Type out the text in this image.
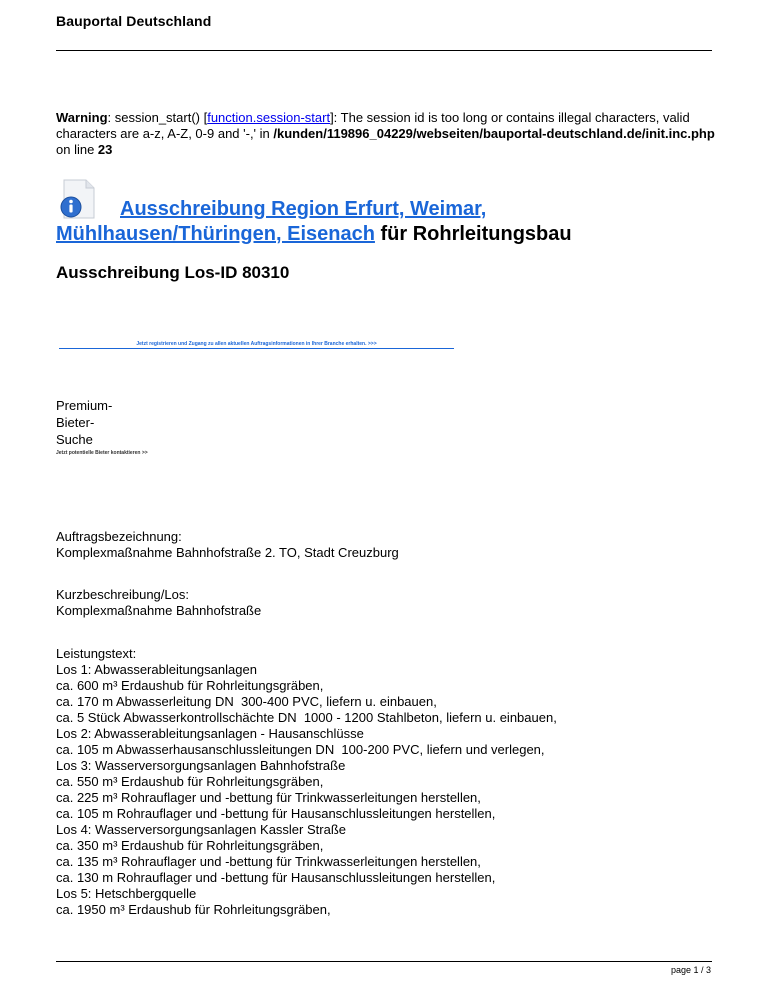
Bauportal Deutschland
Warning: session_start() [function.session-start]: The session id is too long or contains illegal characters, valid characters are a-z, A-Z, 0-9 and '-,' in /kunden/119896_04229/webseiten/bauportal-deutschland.de/init.inc.php on line 23
Ausschreibung Region Erfurt, Weimar, Mühlhausen/Thüringen, Eisenach für Rohrleitungsbau
Ausschreibung Los-ID 80310
Jetzt registrieren und Zugang zu allen aktuellen Auftragsinformationen in Ihrer Branche erhalten. >>>
Premium-
Bieter-
Suche
Jetzt potentielle Bieter kontaktieren >>
Auftragsbezeichnung:
Komplexmaßnahme Bahnhofstraße 2. TO, Stadt Creuzburg
Kurzbeschreibung/Los:
Komplexmaßnahme Bahnhofstraße
Leistungstext:
Los 1: Abwasserableitungsanlagen
ca. 600 m³ Erdaushub für Rohrleitungsgräben,
ca. 170 m Abwasserleitung DN  300-400 PVC, liefern u. einbauen,
ca. 5 Stück Abwasserkontrollschächte DN  1000 - 1200 Stahlbeton, liefern u. einbauen,
Los 2: Abwasserableitungsanlagen - Hausanschlüsse
ca. 105 m Abwasserhausanschlussleitungen DN  100-200 PVC, liefern und verlegen,
Los 3: Wasserversorgungsanlagen Bahnhofstraße
ca. 550 m³ Erdaushub für Rohrleitungsgräben,
ca. 225 m³ Rohrauflager und -bettung für Trinkwasserleitungen herstellen,
ca. 105 m Rohrauflager und -bettung für Hausanschlussleitungen herstellen,
Los 4: Wasserversorgungsanlagen Kassler Straße
ca. 350 m³ Erdaushub für Rohrleitungsgräben,
ca. 135 m³ Rohrauflager und -bettung für Trinkwasserleitungen herstellen,
ca. 130 m Rohrauflager und -bettung für Hausanschlussleitungen herstellen,
Los 5: Hetschbergquelle
ca. 1950 m³ Erdaushub für Rohrleitungsgräben,
page 1 / 3
